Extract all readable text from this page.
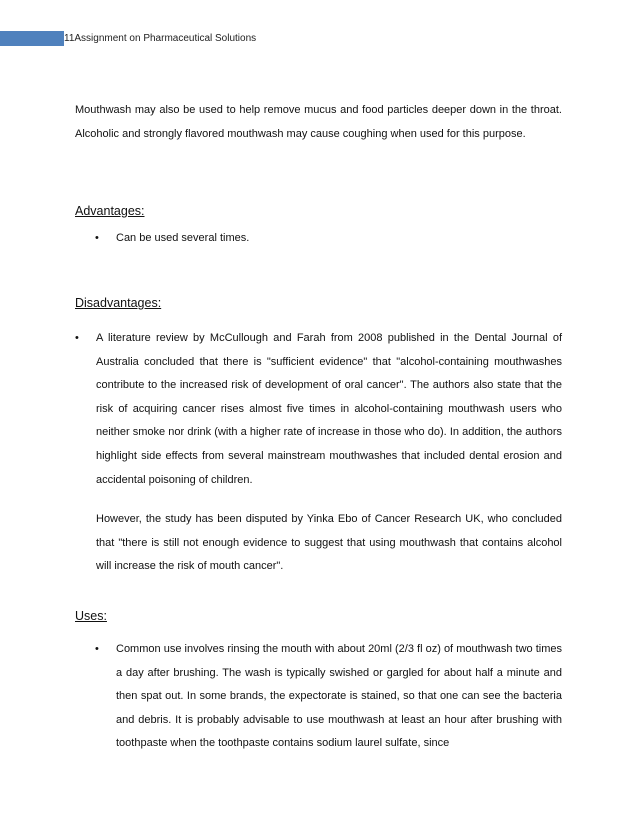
11Assignment on Pharmaceutical Solutions

Mouthwash may also be used to help remove mucus and food particles deeper down in the throat. Alcoholic and strongly flavored mouthwash may cause coughing when used for this purpose.

Advantages:

• Can be used several times.

Disadvantages:

• A literature review by McCullough and Farah from 2008 published in the Dental Journal of Australia concluded that there is "sufficient evidence" that "alcohol-containing mouthwashes contribute to the increased risk of development of oral cancer". The authors also state that the risk of acquiring cancer rises almost five times in alcohol-containing mouthwash users who neither smoke nor drink (with a higher rate of increase in those who do). In addition, the authors highlight side effects from several mainstream mouthwashes that included dental erosion and accidental poisoning of children.

However, the study has been disputed by Yinka Ebo of Cancer Research UK, who concluded that "there is still not enough evidence to suggest that using mouthwash that contains alcohol will increase the risk of mouth cancer".

Uses:

• Common use involves rinsing the mouth with about 20ml (2/3 fl oz) of mouthwash two times a day after brushing. The wash is typically swished or gargled for about half a minute and then spat out. In some brands, the expectorate is stained, so that one can see the bacteria and debris. It is probably advisable to use mouthwash at least an hour after brushing with toothpaste when the toothpaste contains sodium laurel sulfate, since
